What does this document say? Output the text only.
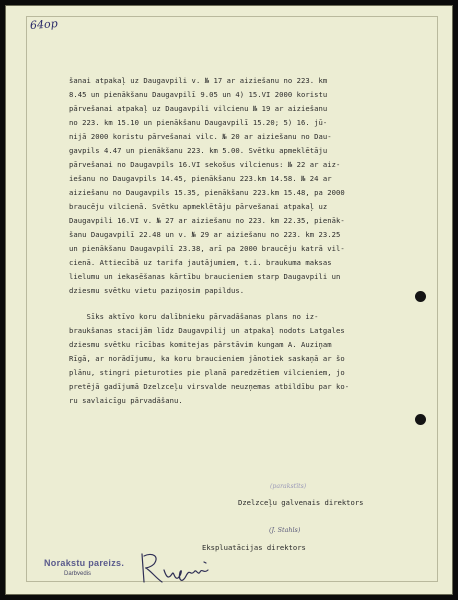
64op
šanai atpakaļ uz Daugavpili v. № 17 ar aiziešanu no 223. km
8.45 un pienākšanu Daugavpilī 9.05 un 4) 15.VI 2000 koristu
pārvešanai atpakaļ uz Daugavpili vilcienu № 19 ar aiziešanu
no 223. km 15.10 un pienākšanu Daugavpilī 15.20; 5) 16. jū-
nijā 2000 koristu pārvešanai vilc. № 20 ar aiziešanu no Dau-
gavpils 4.47 un pienākšanu 223. km 5.00. Svētku apmeklētāju
pārvešanai no Daugavpils 16.VI sekošus vilcienus: № 22 ar aiz-
iešanu no Daugavpils 14.45, pienākšanu 223.km 14.58. № 24 ar
aiziešanu no Daugavpils 15.35, pienākšanu 223.km 15.48, pa 2000
braucēju vilcienā. Svētku apmeklētāju pārvešanai atpakaļ uz
Daugavpili 16.VI v. № 27 ar aiziešanu no 223. km 22.35, pienāk-
šanu Daugavpilī 22.48 un v. № 29 ar aiziešanu no 223. km 23.25
un pienākšanu Daugavpilī 23.38, arī pa 2000 braucēju katrā vil-
cienā. Attiecībā uz tarifa jautājumiem, t.i. braukuma maksas
lielumu un iekasēšanas kārtību braucieniem starp Daugavpili un
dziesmu svētku vietu paziņosim papildus.
Sīks aktīvo koru dalībnieku pārvadāšanas plans no iz-
braukšanas stacijām līdz Daugavpilij un atpakaļ nodots Latgales
dziesmu svētku rīcības komitejas pārstāvim kungam A. Auziņam
Rīgā, ar norādījumu, ka koru braucieniem jānotiek saskaņā ar šo
plānu, stingri pieturoties pie planā paredzētiem vilcieniem, jo
pretējā gadījumā Dzelzceļu virsvalde neuzņemas atbildību par ko-
ru savlaicīgu pārvadāšanu.
(parakstīts)
Dzelzceļu galvenais direktors
(J. Stahls)
Ekspluatācijas direktors
Norakstu pareizs.
Darbvedis
